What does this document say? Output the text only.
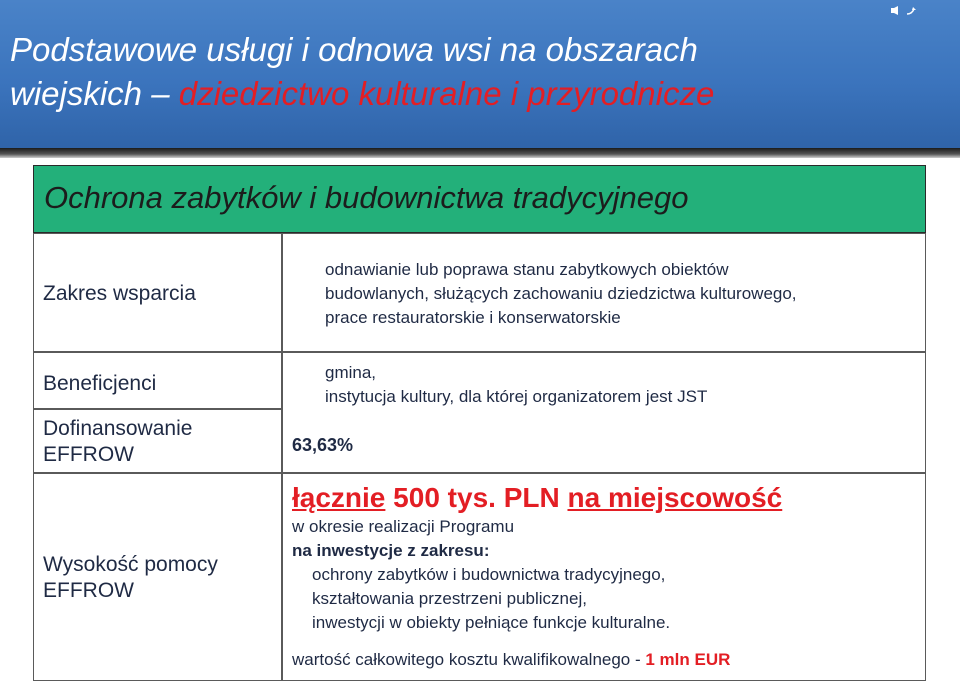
Podstawowe usługi i odnowa wsi na obszarach
wiejskich – dziedzictwo kulturalne i przyrodnicze
Ochrona zabytków i budownictwa tradycyjnego
Zakres wsparcia
odnawianie lub poprawa stanu zabytkowych obiektów
budowlanych, służących zachowaniu dziedzictwa kulturowego,
prace restauratorskie i konserwatorskie
Beneficjenci	gmina,
instytucja kultury, dla której organizatorem jest JST
63,63%
Dofinansowanie
EFFROW
Wysokość pomocy
EFFROW
łącznie 500 tys. PLN na miejscowość
w okresie realizacji Programu
na inwestycje z zakresu:
ochrony zabytków i budownictwa tradycyjnego,
kształtowania przestrzeni publicznej,
inwestycji w obiekty pełniące funkcje kulturalne.
wartość całkowitego kosztu kwalifikowalnego - 1 mln EUR
